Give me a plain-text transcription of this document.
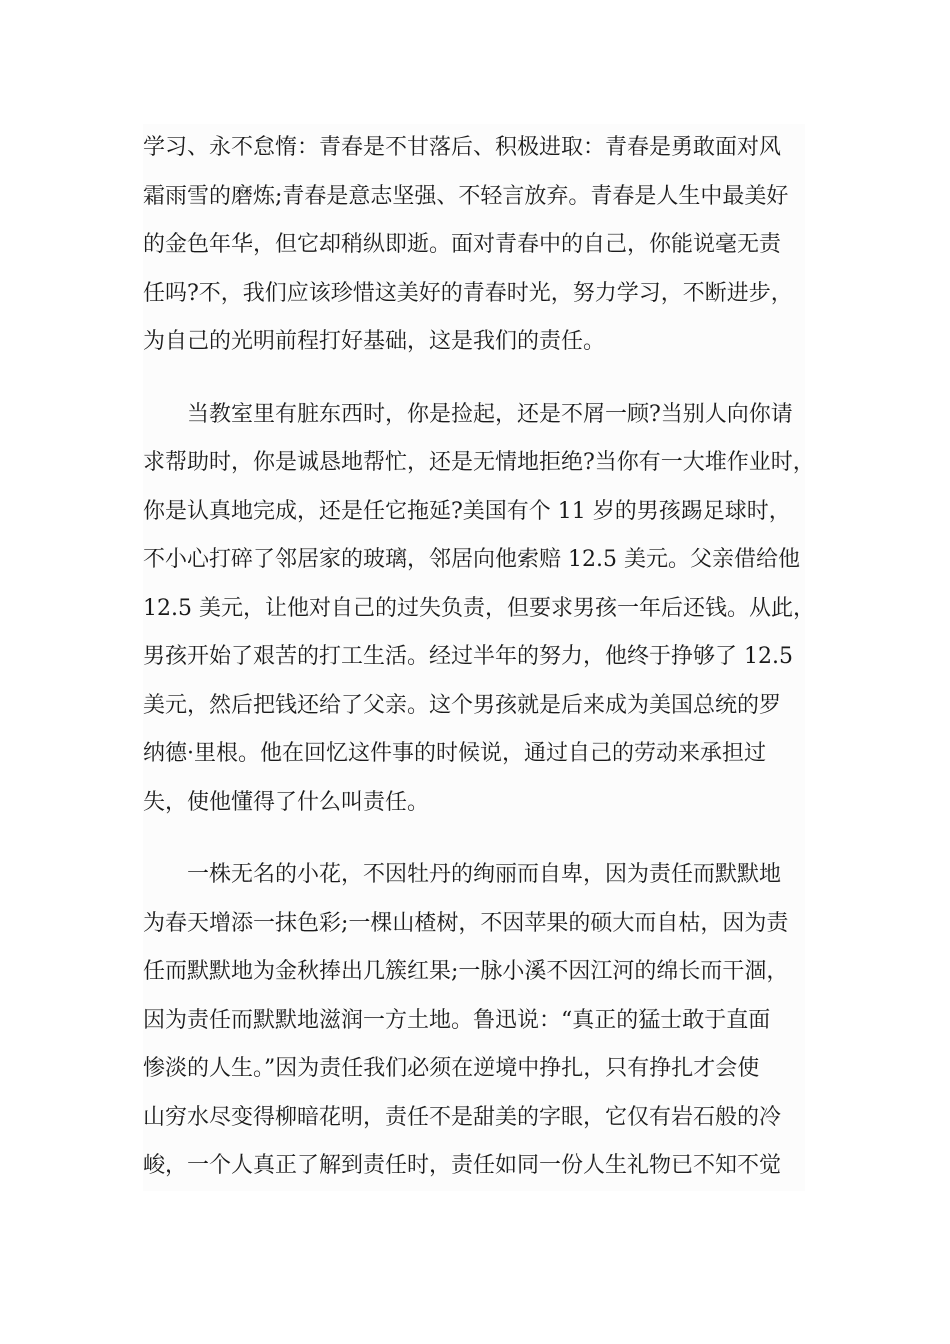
学习、永不怠惰：青春是不甘落后、积极进取：青春是勇敢面对风
霜雨雪的磨炼;青春是意志坚强、不轻言放弃。青春是人生中最美好
的金色年华，但它却稍纵即逝。面对青春中的自己，你能说毫无责
任吗?不，我们应该珍惜这美好的青春时光，努力学习，不断进步，
为自己的光明前程打好基础，这是我们的责任。
当教室里有脏东西时，你是捡起，还是不屑一顾?当别人向你请
求帮助时，你是诚恳地帮忙，还是无情地拒绝?当你有一大堆作业时，
你是认真地完成，还是任它拖延?美国有个 11 岁的男孩踢足球时，
不小心打碎了邻居家的玻璃，邻居向他索赔 12.5 美元。父亲借给他
12.5 美元，让他对自己的过失负责，但要求男孩一年后还钱。从此，
男孩开始了艰苦的打工生活。经过半年的努力，他终于挣够了 12.5
美元，然后把钱还给了父亲。这个男孩就是后来成为美国总统的罗
纳德·里根。他在回忆这件事的时候说，通过自己的劳动来承担过
失，使他懂得了什么叫责任。
一株无名的小花，不因牡丹的绚丽而自卑，因为责任而默默地
为春天增添一抹色彩;一棵山楂树，不因苹果的硕大而自枯，因为责
任而默默地为金秋捧出几簇红果;一脉小溪不因江河的绵长而干涸，
因为责任而默默地滋润一方土地。鲁迅说：“真正的猛士敢于直面
惨淡的人生。”因为责任我们必须在逆境中挣扎，只有挣扎才会使
山穷水尽变得柳暗花明，责任不是甜美的字眼，它仅有岩石般的冷
峻，一个人真正了解到责任时，责任如同一份人生礼物已不知不觉
